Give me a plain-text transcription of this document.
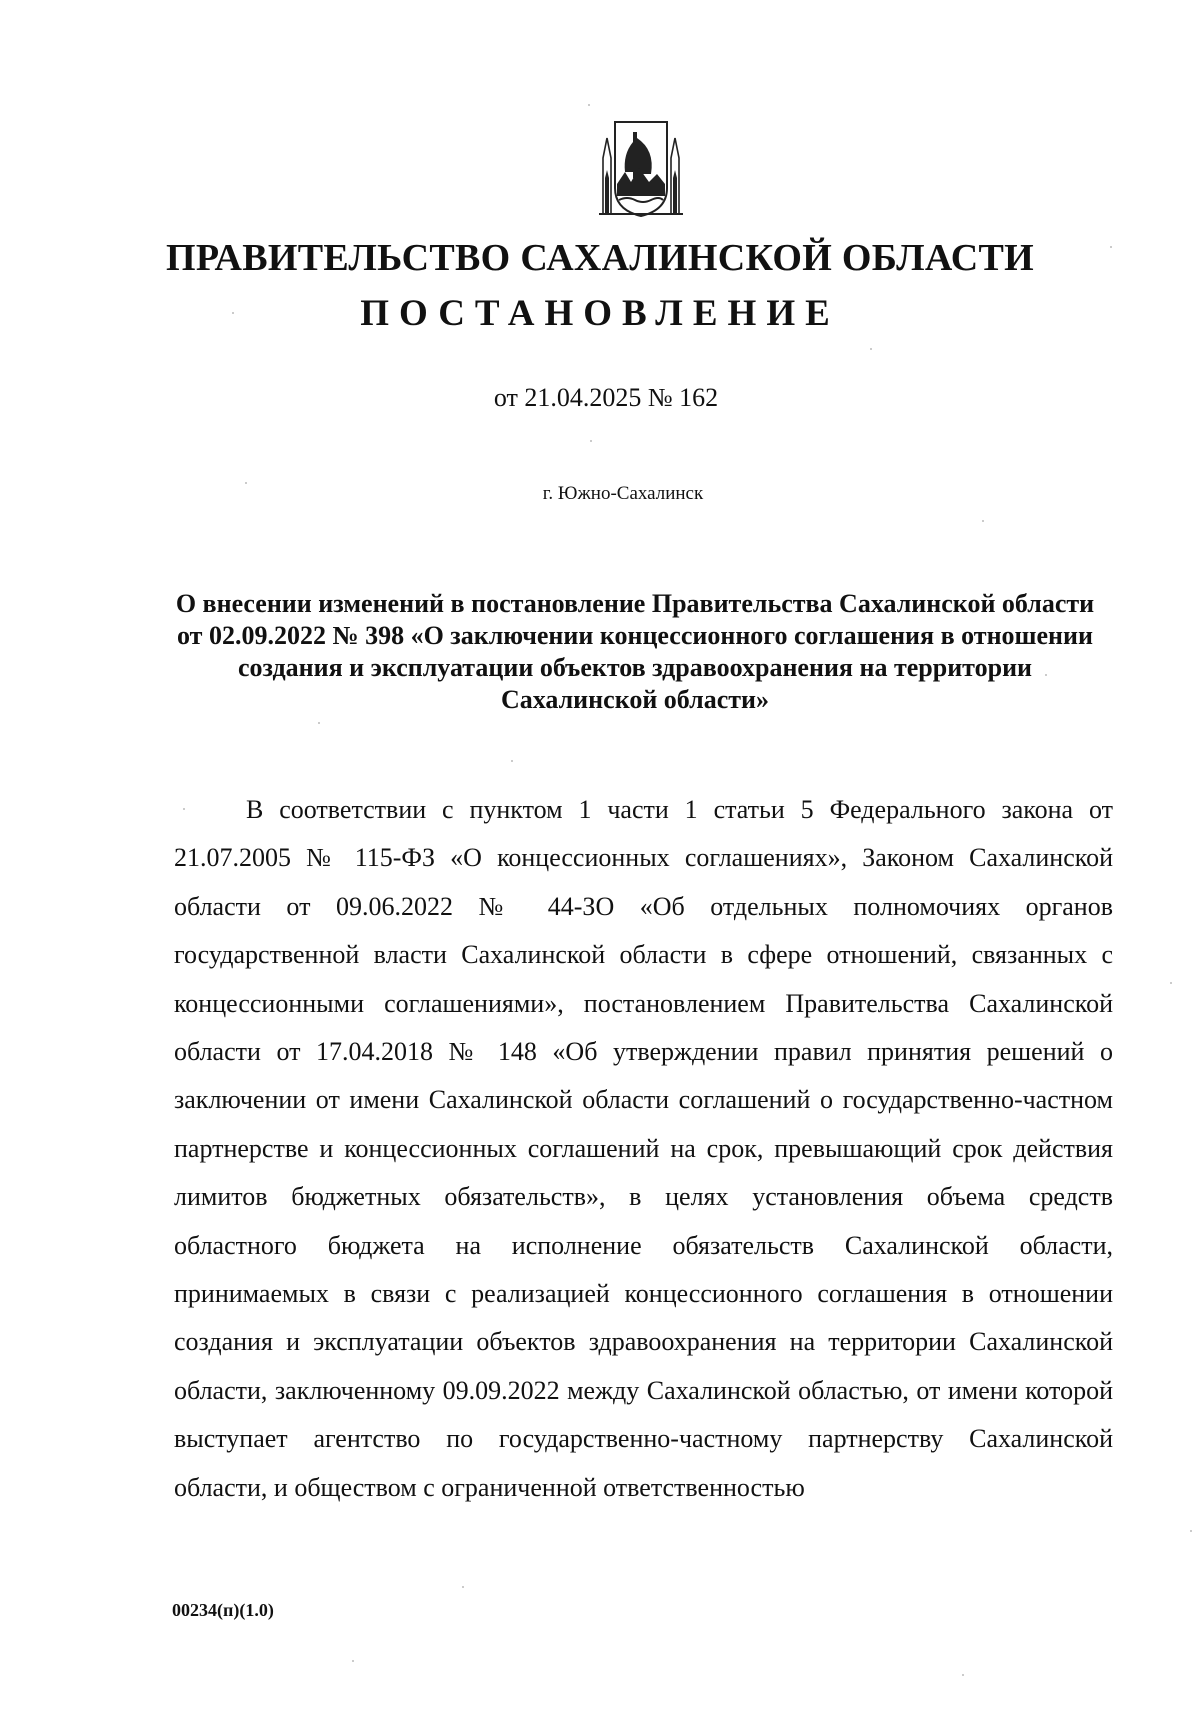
ПРАВИТЕЛЬСТВО САХАЛИНСКОЙ ОБЛАСТИ
ПОСТАНОВЛЕНИЕ
от 21.04.2025 № 162
г. Южно-Сахалинск

О внесении изменений в постановление Правительства Сахалинской области от 02.09.2022 № 398 «О заключении концессионного соглашения в отношении создания и эксплуатации объектов здравоохранения на территории Сахалинской области»

В соответствии с пунктом 1 части 1 статьи 5 Федерального закона от 21.07.2005 № 115-ФЗ «О концессионных соглашениях», Законом Сахалинской области от 09.06.2022 № 44-ЗО «Об отдельных полномочиях органов государственной власти Сахалинской области в сфере отношений, связанных с концессионными соглашениями», постановлением Правительства Сахалинской области от 17.04.2018 № 148 «Об утверждении правил принятия решений о заключении от имени Сахалинской области соглашений о государственно-частном партнерстве и концессионных соглашений на срок, превышающий срок действия лимитов бюджетных обязательств», в целях установления объема средств областного бюджета на исполнение обязательств Сахалинской области, принимаемых в связи с реализацией концессионного соглашения в отношении создания и эксплуатации объектов здравоохранения на территории Сахалинской области, заключенному 09.09.2022 между Сахалинской областью, от имени которой выступает агентство по государственно-частному партнерству Сахалинской области, и обществом с ограниченной ответственностью

00234(п)(1.0)
